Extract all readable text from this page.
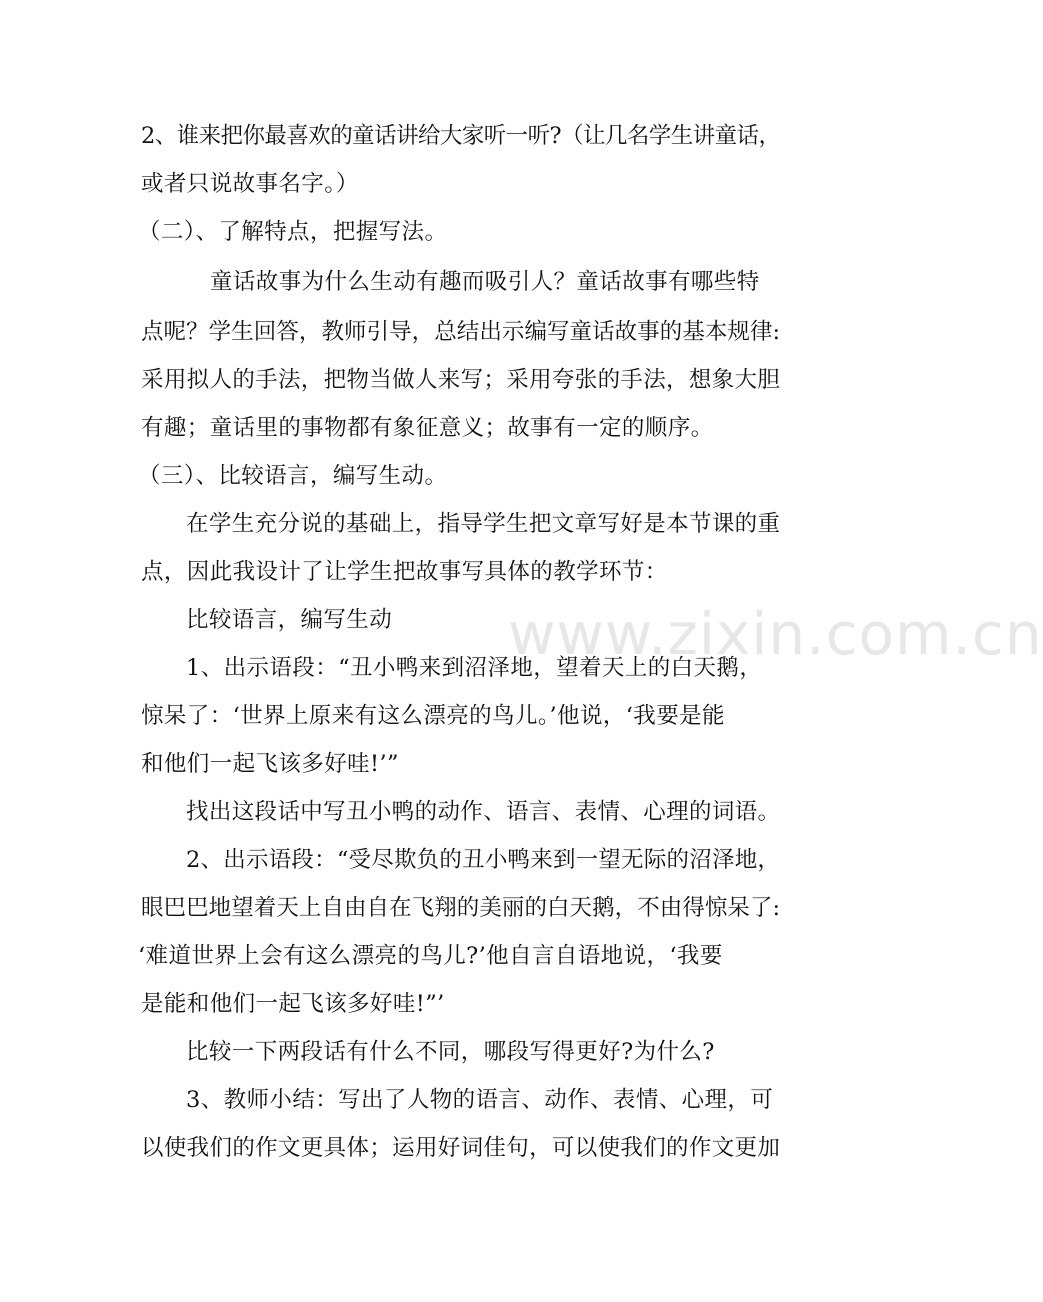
2、谁来把你最喜欢的童话讲给大家听一听?（让几名学生讲童话，
或者只说故事名字。）
（二）、了解特点，把握写法。
童话故事为什么生动有趣而吸引人？童话故事有哪些特
点呢？学生回答，教师引导，总结出示编写童话故事的基本规律:
采用拟人的手法，把物当做人来写；采用夸张的手法，想象大胆
有趣；童话里的事物都有象征意义；故事有一定的顺序。
（三）、比较语言，编写生动。
在学生充分说的基础上，指导学生把文章写好是本节课的重
点，因此我设计了让学生把故事写具体的教学环节：
比较语言，编写生动
1、出示语段：“丑小鸭来到沼泽地，望着天上的白天鹅，
惊呆了：‘世界上原来有这么漂亮的鸟儿。’他说，‘我要是能
和他们一起飞该多好哇!’”
找出这段话中写丑小鸭的动作、语言、表情、心理的词语。
2、出示语段：“受尽欺负的丑小鸭来到一望无际的沼泽地，
眼巴巴地望着天上自由自在飞翔的美丽的白天鹅，不由得惊呆了:
‘难道世界上会有这么漂亮的鸟儿?’他自言自语地说，‘我要
是能和他们一起飞该多好哇!”’
比较一下两段话有什么不同，哪段写得更好?为什么?
3、教师小结：写出了人物的语言、动作、表情、心理，可
以使我们的作文更具体；运用好词佳句，可以使我们的作文更加
www.zixin.com.cn
